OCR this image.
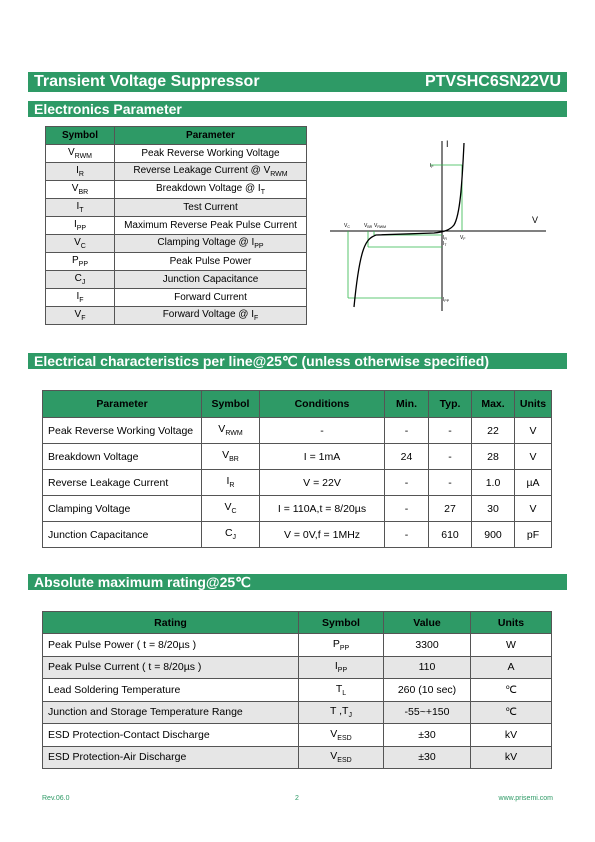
Transient Voltage Suppressor	PTVSHC6SN22VU
Electronics Parameter
Symbol	Parameter
$V_{RWM}$	Peak Reverse Working Voltage
$I_R$	Reverse Leakage Current @ $V_{RWM}$
$V_{BR}$	Breakdown Voltage @ $I_T$
$I_T$	Test Current
$I_{PP}$	Maximum Reverse Peak Pulse Current
$V_C$	Clamping Voltage @ $I_{PP}$
$P_{PP}$	Peak Pulse Power
$C_J$	Junction Capacitance
$I_F$	Forward Current
$V_F$	Forward Voltage @ $I_F$
I
V
$I_F$
$V_C$	$V_{BR}$ $V_{RWM}$
$I_R$
$I_T$
$V_F$
$I_{PP}$
Electrical characteristics per line@25℃ (unless otherwise specified)
Parameter	Symbol	Conditions	Min.	Typ.	Max.	Units
Peak Reverse Working Voltage	$V_{RWM}$	-	-	-	22	V
Breakdown Voltage	$V_{BR}$	I = 1mA	24	-	28	V
Reverse Leakage Current	$I_R$	V = 22V	-	-	1.0	µA
Clamping Voltage	$V_C$	I = 110A,t = 8/20µs	-	27	30	V
Junction Capacitance	$C_J$	V = 0V,f = 1MHz	-	610	900	pF
Absolute maximum rating@25℃
Rating	Symbol	Value	Units
Peak Pulse Power ( t = 8/20µs )	$P_{PP}$	3300	W
Peak Pulse Current ( t = 8/20µs )	$I_{PP}$	110	A
Lead Soldering Temperature	$T_L$	260 (10 sec)	℃
Junction and Storage Temperature Range	T $,T_J$	-55~+150	℃
ESD Protection-Contact Discharge	$V_{ESD}$	±30	kV
ESD Protection-Air Discharge	$V_{ESD}$	±30	kV
Rev.06.0	2	www.prisemi.com
